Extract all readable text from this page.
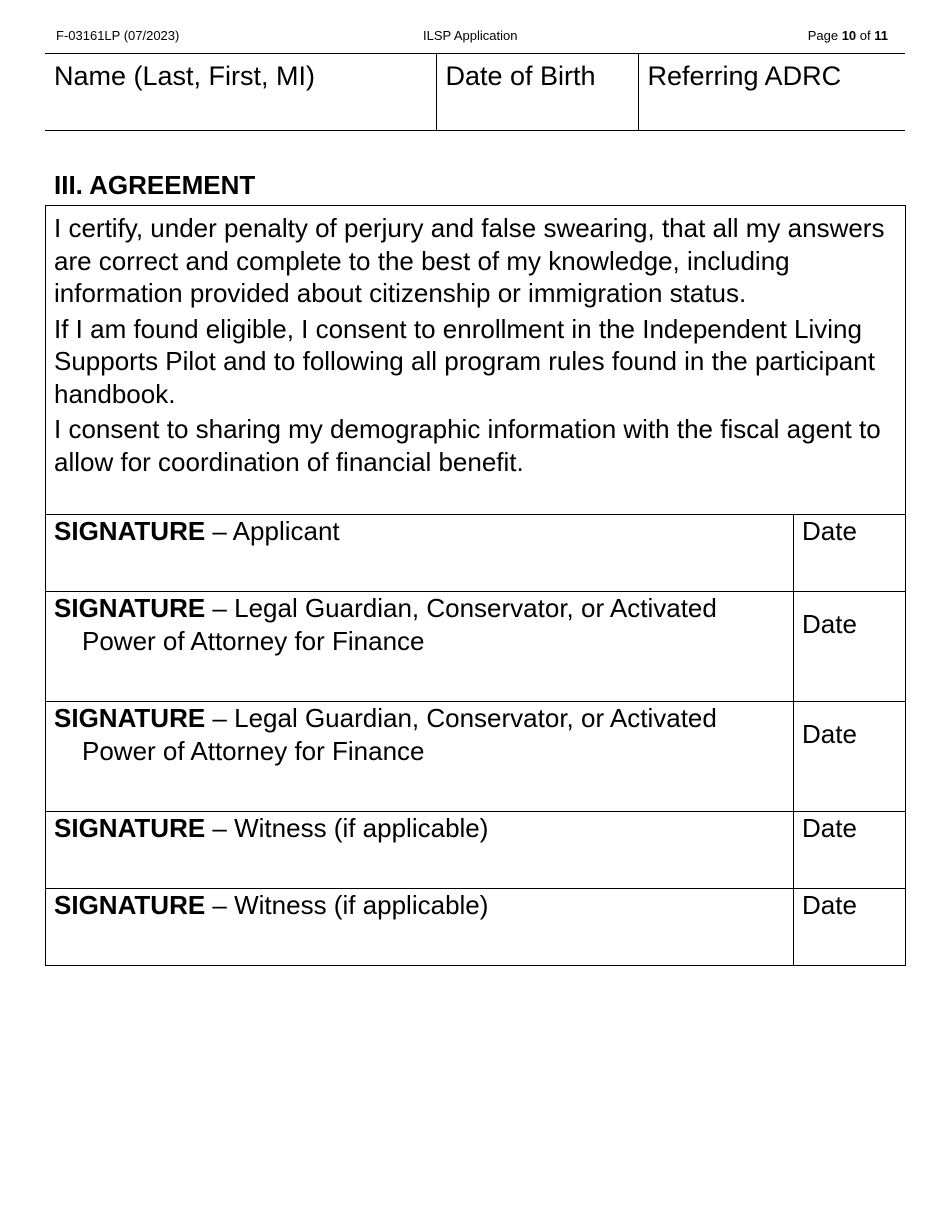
F-03161LP (07/2023)	ILSP Application	Page 10 of 11
Name (Last, First, MI)	Date of Birth	Referring ADRC
III. AGREEMENT

I certify, under penalty of perjury and false swearing, that all my answers are correct and complete to the best of my knowledge, including information provided about citizenship or immigration status.

If I am found eligible, I consent to enrollment in the Independent Living Supports Pilot and to following all program rules found in the participant handbook.

I consent to sharing my demographic information with the fiscal agent to allow for coordination of financial benefit.	

SIGNATURE – Applicant	Date

SIGNATURE – Legal Guardian, Conservator, or Activated Power of Attorney for Finance	Date

SIGNATURE – Legal Guardian, Conservator, or Activated Power of Attorney for Finance	Date

SIGNATURE – Witness (if applicable)	Date

SIGNATURE – Witness (if applicable)	Date
